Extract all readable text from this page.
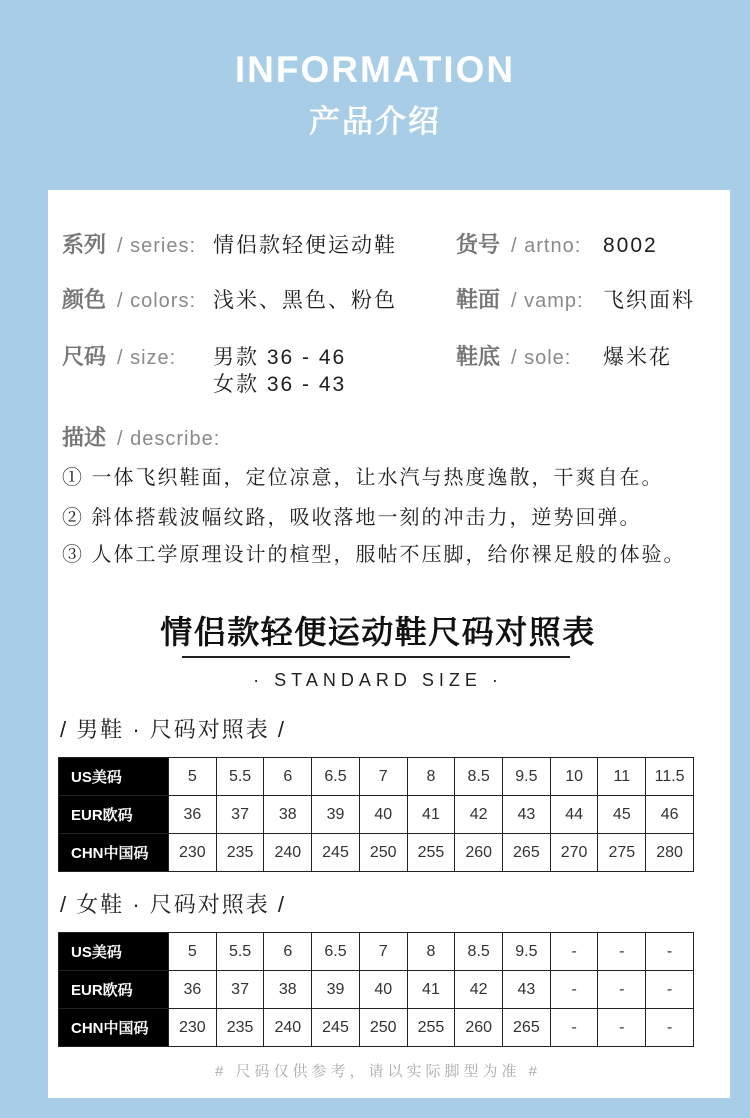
INFORMATION
产品介绍
系列 / series: 情侣款轻便运动鞋
颜色 / colors: 浅米、黑色、粉色
尺码 / size:	男款 36 - 46
女款 36 - 43
货号 / artno:	8002
鞋面 / vamp: 飞织面料
鞋底 / sole:	爆米花
描述 / describe:
① 一体飞织鞋面，定位凉意，让水汽与热度逸散，干爽自在。
② 斜体搭载波幅纹路，吸收落地一刻的冲击力，逆势回弹。
③ 人体工学原理设计的楦型，服帖不压脚，给你裸足般的体验。
情侣款轻便运动鞋尺码对照表
· STANDARD SIZE ·
/ 男鞋 · 尺码对照表 /
US美码	5	5.5	6	6.5	7	8	8.5	9.5	10	11	11.5
EUR欧码	36	37	38	39	40	41	42	43	44	45	46
CHN中国码	230	235	240	245	250	255	260	265	270	275	280
/ 女鞋 · 尺码对照表 /
US美码	5	5.5	6	6.5	7	8	8.5	9.5	-	-	-
EUR欧码	36	37	38	39	40	41	42	43	-	-	-
CHN中国码	230	235	240	245	250	255	260	265	-	-	-
# 尺码仅供参考，请以实际脚型为准 #
